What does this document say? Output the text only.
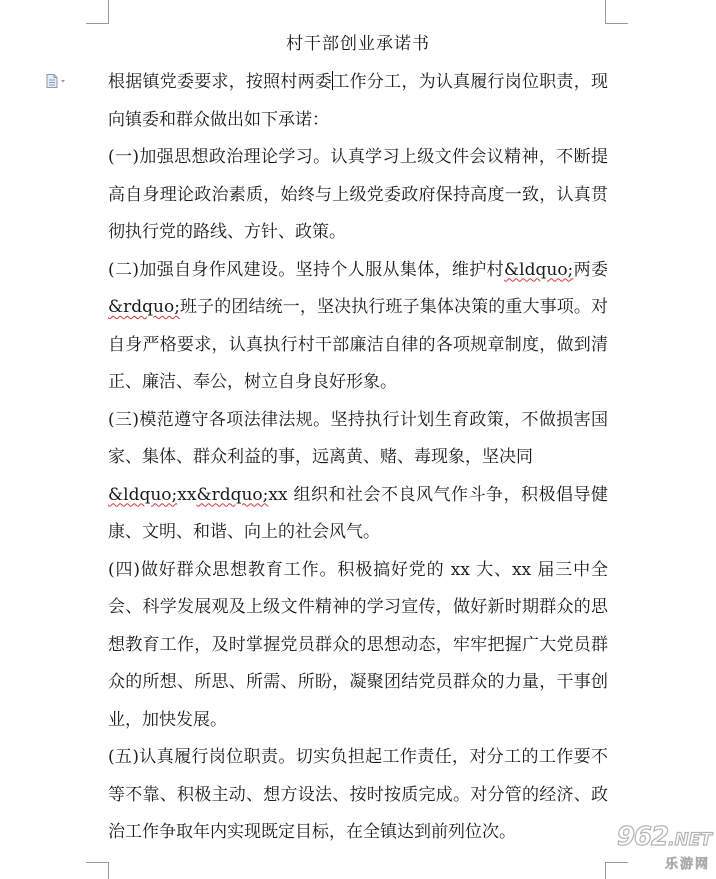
村干部创业承诺书

根据镇党委要求，按照村两委工作分工，为认真履行岗位职责，现向镇委和群众做出如下承诺：

(一)加强思想政治理论学习。认真学习上级文件会议精神，不断提高自身理论政治素质，始终与上级党委政府保持高度一致，认真贯彻执行党的路线、方针、政策。

(二)加强自身作风建设。坚持个人服从集体，维护村&ldquo;两委&rdquo;班子的团结统一，坚决执行班子集体决策的重大事项。对自身严格要求，认真执行村干部廉洁自律的各项规章制度，做到清正、廉洁、奉公，树立自身良好形象。

(三)模范遵守各项法律法规。坚持执行计划生育政策，不做损害国家、集体、群众利益的事，远离黄、赌、毒现象，坚决同
&ldquo;xx&rdquo;xx 组织和社会不良风气作斗争，积极倡导健康、文明、和谐、向上的社会风气。

(四)做好群众思想教育工作。积极搞好党的 xx 大、xx 届三中全会、科学发展观及上级文件精神的学习宣传，做好新时期群众的思想教育工作，及时掌握党员群众的思想动态，牢牢把握广大党员群众的所想、所思、所需、所盼，凝聚团结党员群众的力量，干事创业，加快发展。

(五)认真履行岗位职责。切实负担起工作责任，对分工的工作要不等不靠、积极主动、想方设法、按时按质完成。对分管的经济、政治工作争取年内实现既定目标，在全镇达到前列位次。	962.NET
乐游网
